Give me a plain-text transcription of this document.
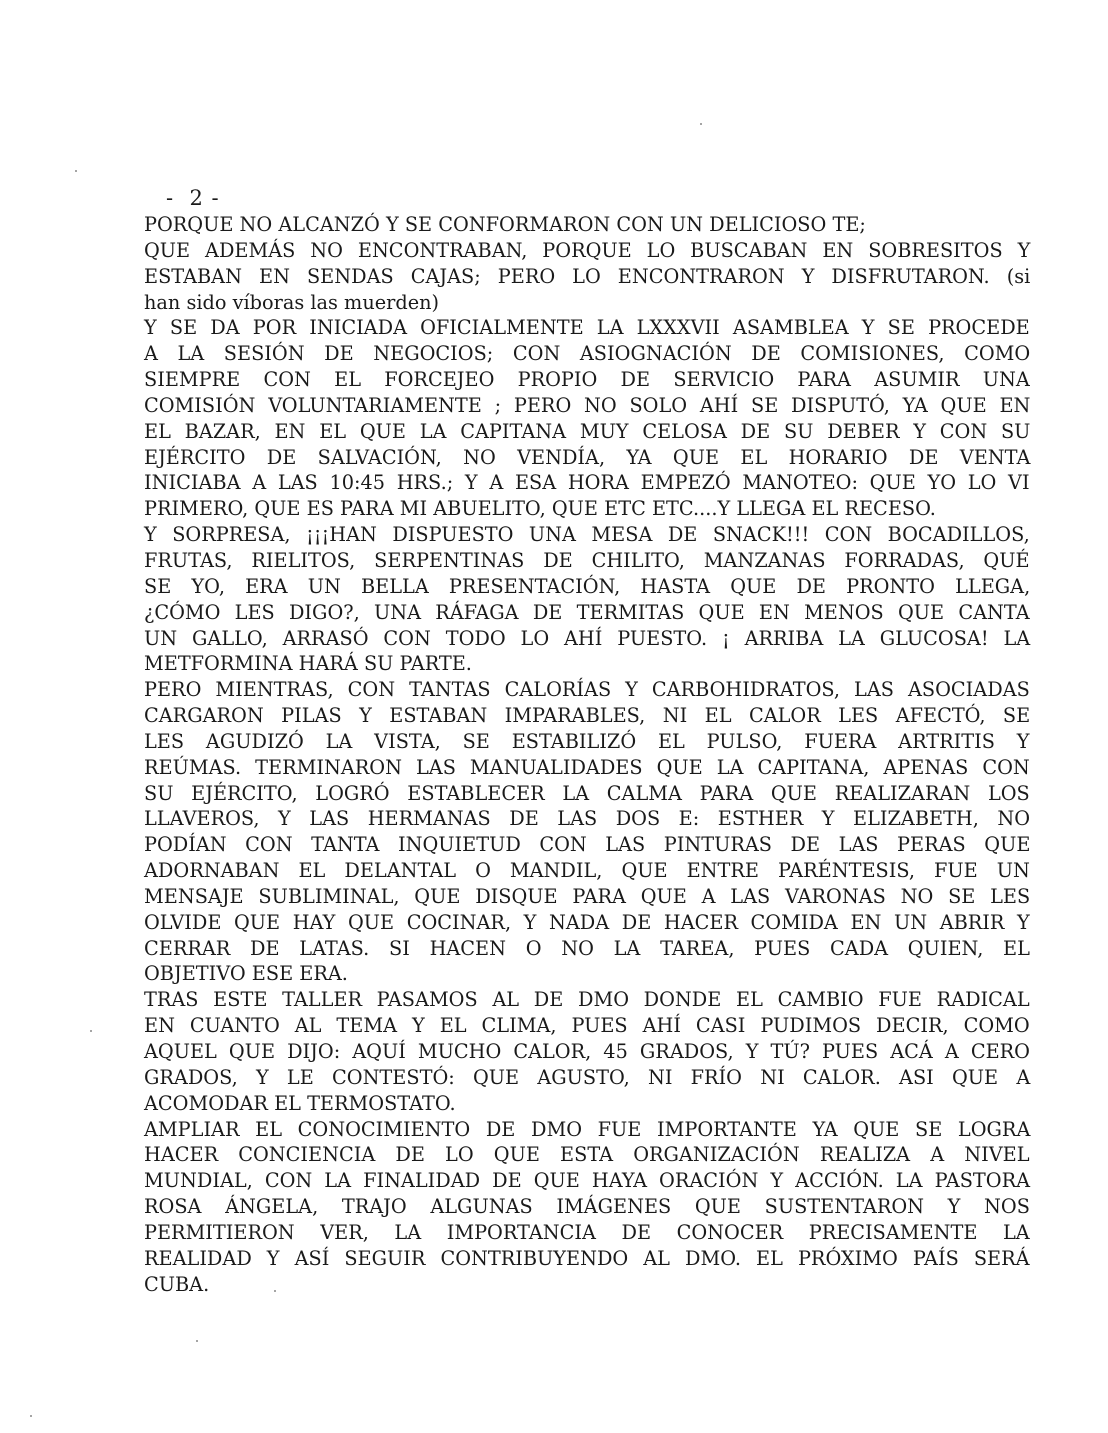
-  2 -
PORQUE NO ALCANZÓ Y SE CONFORMARON CON UN DELICIOSO TE;
QUE ADEMÁS NO ENCONTRABAN, PORQUE LO BUSCABAN EN SOBRESITOS Y
ESTABAN EN SENDAS CAJAS; PERO LO ENCONTRARON Y DISFRUTARON. (si
han sido víboras las muerden)
Y SE DA POR INICIADA OFICIALMENTE LA LXXXVII ASAMBLEA Y SE PROCEDE
A LA SESIÓN DE NEGOCIOS; CON ASIOGNACIÓN DE COMISIONES, COMO
SIEMPRE CON EL FORCEJEO PROPIO DE SERVICIO PARA ASUMIR UNA
COMISIÓN VOLUNTARIAMENTE ; PERO NO SOLO AHÍ SE DISPUTÓ, YA QUE EN
EL BAZAR, EN EL QUE LA CAPITANA MUY CELOSA DE SU DEBER Y CON SU
EJÉRCITO DE SALVACIÓN, NO VENDÍA, YA QUE EL HORARIO DE VENTA
INICIABA A LAS 10:45 HRS.; Y A ESA HORA EMPEZÓ MANOTEO: QUE YO LO VI
PRIMERO, QUE ES PARA MI ABUELITO, QUE ETC ETC....Y LLEGA EL RECESO.
Y SORPRESA, ¡¡¡HAN DISPUESTO UNA MESA DE SNACK!!! CON BOCADILLOS,
FRUTAS, RIELITOS, SERPENTINAS DE CHILITO, MANZANAS FORRADAS, QUÉ
SE YO, ERA UN BELLA PRESENTACIÓN, HASTA QUE DE PRONTO LLEGA,
¿CÓMO LES DIGO?, UNA RÁFAGA DE TERMITAS QUE EN MENOS QUE CANTA
UN GALLO, ARRASÓ CON TODO LO AHÍ PUESTO. ¡ ARRIBA LA GLUCOSA! LA
METFORMINA HARÁ SU PARTE.
PERO MIENTRAS, CON TANTAS CALORÍAS Y CARBOHIDRATOS, LAS ASOCIADAS
CARGARON PILAS Y ESTABAN IMPARABLES, NI EL CALOR LES AFECTÓ, SE
LES AGUDIZÓ LA VISTA, SE ESTABILIZÓ EL PULSO, FUERA ARTRITIS Y
REÚMAS. TERMINARON LAS MANUALIDADES QUE LA CAPITANA, APENAS CON
SU EJÉRCITO, LOGRÓ ESTABLECER LA CALMA PARA QUE REALIZARAN LOS
LLAVEROS, Y LAS HERMANAS DE LAS DOS E: ESTHER Y ELIZABETH, NO
PODÍAN CON TANTA INQUIETUD CON LAS PINTURAS DE LAS PERAS QUE
ADORNABAN EL DELANTAL O MANDIL, QUE ENTRE PARÉNTESIS, FUE UN
MENSAJE SUBLIMINAL, QUE DISQUE PARA QUE A LAS VARONAS NO SE LES
OLVIDE QUE HAY QUE COCINAR, Y NADA DE HACER COMIDA EN UN ABRIR Y
CERRAR DE LATAS. SI HACEN O NO LA TAREA, PUES CADA QUIEN, EL
OBJETIVO ESE ERA.
TRAS ESTE TALLER PASAMOS AL DE DMO DONDE EL CAMBIO FUE RADICAL
EN CUANTO AL TEMA Y EL CLIMA, PUES AHÍ CASI PUDIMOS DECIR, COMO
AQUEL QUE DIJO: AQUÍ MUCHO CALOR, 45 GRADOS, Y TÚ? PUES ACÁ A CERO
GRADOS, Y LE CONTESTÓ: QUE AGUSTO, NI FRÍO NI CALOR. ASI QUE A
ACOMODAR EL TERMOSTATO.
AMPLIAR EL CONOCIMIENTO DE DMO FUE IMPORTANTE YA QUE SE LOGRA
HACER CONCIENCIA DE LO QUE ESTA ORGANIZACIÓN REALIZA A NIVEL
MUNDIAL, CON LA FINALIDAD DE QUE HAYA ORACIÓN Y ACCIÓN. LA PASTORA
ROSA ÁNGELA, TRAJO ALGUNAS IMÁGENES QUE SUSTENTARON Y NOS
PERMITIERON VER, LA IMPORTANCIA DE CONOCER PRECISAMENTE LA
REALIDAD Y ASÍ SEGUIR CONTRIBUYENDO AL DMO. EL PRÓXIMO PAÍS SERÁ
CUBA.
